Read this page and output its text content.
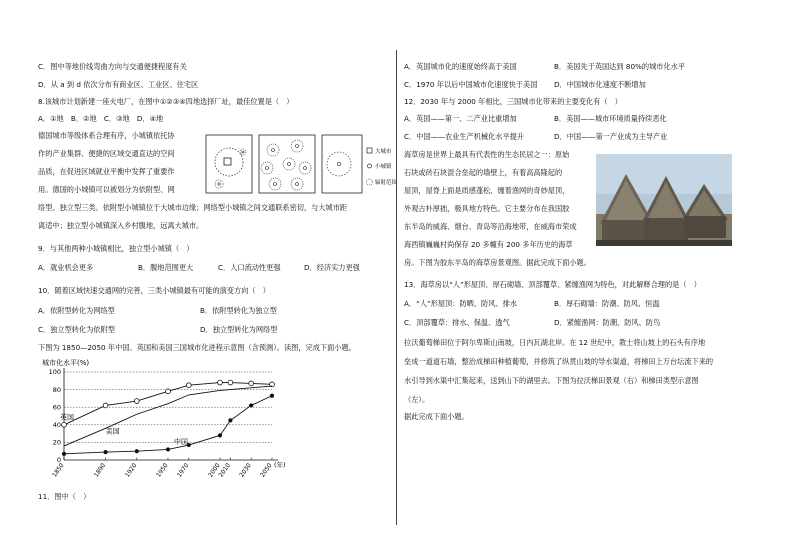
C．图中等地价线弯曲方向与交通便捷程度有关
D．从 a 到 d 依次分布有商业区、工业区、住宅区
8.该城市计划新建一座火电厂，在图中①②③④四地选择厂址，最佳位置是（　）
A．①地　B．②地　C．③地　D．④地
德国城市等级体系合理有序，小城镇依托协
作的产业集群、便捷的区域交通直达的空间
品质，在促进区域就业平衡中发挥了重要作
用。德国的小城镇可以被划分为依附型、网
络型、独立型三类。依附型小城镇位于大城市边缘；网络型小城镇之间交通联系密切，与大城市距
离适中；独立型小城镇深入乡村腹地，远离大城市。
9．与其他两种小城镇相比，独立型小城镇（　）
A．就业机会更多	B．腹地范围更大	C．人口流动性更强	D．经济实力更强
10．随着区域快速交通网的完善，三类小城镇最有可能的演变方向（　）
A．依附型转化为网络型	B．依附型转化为独立型
C．独立型转化为依附型	D．独立型转化为网络型
下图为 1850—2050 年中国、英国和美国三国城市化进程示意图（含预测）。读图，完成下面小题。
11．图中（　）
大城市
小城镇
辐射范围
城市化水平(%)
0
20
40
60
80
100
1850	1890	1920	1950 1970	2000
2010 2030 2050 (年)
英国
美国
中国
A．英国城市化的速度始终高于美国	B．美国先于英国达到 80%的城市化水平
C．1970 年以后中国城市化速度快于美国 D．中国城市化速度不断增加
12．2030 年与 2000 年相比，三国城市化带来的主要变化有（　）
A．英国——第一、二产业比重增加	B．美国——城市环境质量持续恶化
C．中国——农业生产机械化水平提升	D．中国——第一产业成为主导产业
海草房是世界上最具有代表性的生态民居之一：原始
石块或砖石块混合垒起的墙壁上，有着高高隆起的
屋顶，屋脊上面是质感蓬松、缠着渔网的奇妙屋顶，
外观古朴厚拙，极具地方特色。它主要分布在我国胶
东半岛的威海、烟台、青岛等沿海地带，在威海市荣成
海西镇巍巍村尚保存 20 多幢有 200 多年历史的海草
房。下图为胶东半岛的海草房景观图。据此完成下面小题。
13．海草房以“人”形屋顶、厚石砌墙、顶部覆草、紧缠渔网为特色，对此解释合理的是（　）
A．“人”形屋顶：防晒、防风、排水	B．厚石砌墙：防潮、防风、恒温
C．顶部覆草：排水、保温、透气	D．紧缠渔网：防潮、防风、防鸟
拉沃葡萄梯田位于阿尔卑斯山南坡，日内瓦湖北岸。在 12 世纪中，教士将山坡上的石头有序地
垒成一道道石墙，整治成梯田种植葡萄，并修筑了纵贯山坡的导水渠道，将梯田上万台坛流下来的
水引导到水渠中汇集起来，送到山下的湖里去。下图为拉沃梯田景观（右）和梯田类型示意图
（左）。
据此完成下面小题。
